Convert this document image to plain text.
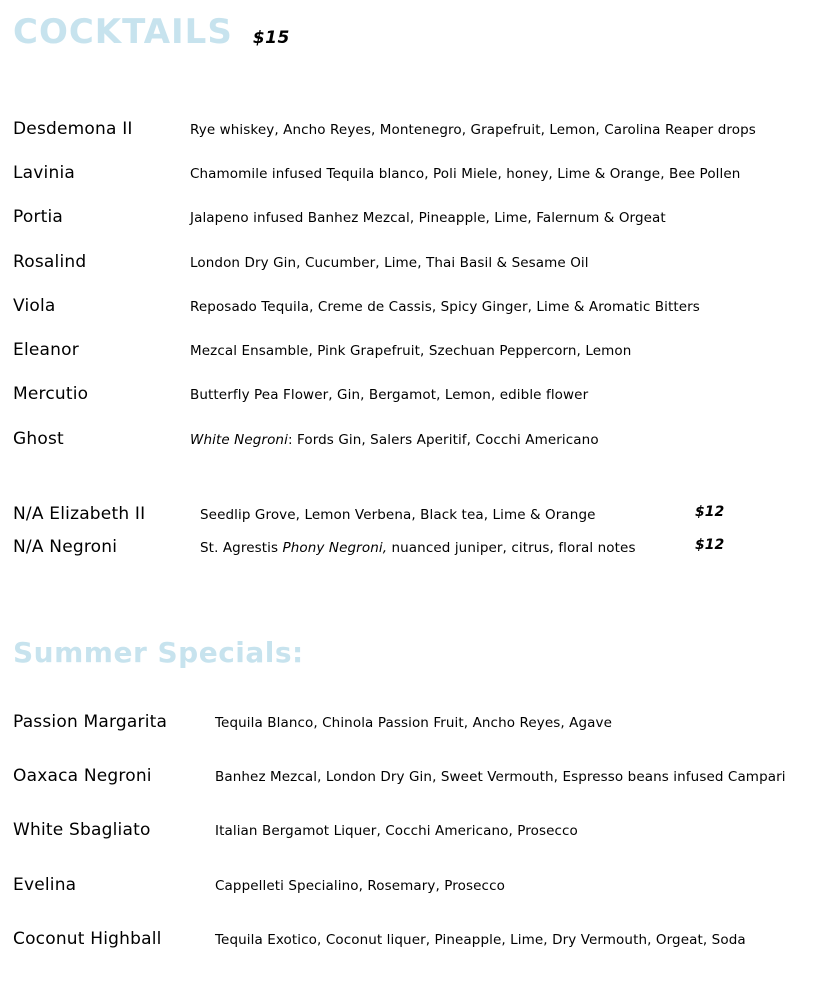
COCKTAILS $15
Desdemona II	Rye whiskey, Ancho Reyes, Montenegro, Grapefruit, Lemon, Carolina Reaper drops
Lavinia	Chamomile infused Tequila blanco, Poli Miele, honey, Lime & Orange, Bee Pollen
Portia	Jalapeno infused Banhez Mezcal, Pineapple, Lime, Falernum & Orgeat
Rosalind	London Dry Gin, Cucumber, Lime, Thai Basil & Sesame Oil
Viola	Reposado Tequila, Creme de Cassis, Spicy Ginger, Lime & Aromatic Bitters
Eleanor	Mezcal Ensamble, Pink Grapefruit, Szechuan Peppercorn, Lemon
Mercutio	Butterfly Pea Flower, Gin, Bergamot, Lemon, edible flower
Ghost	White Negroni: Fords Gin, Salers Aperitif, Cocchi Americano
N/A Elizabeth II	Seedlip Grove, Lemon Verbena, Black tea, Lime & Orange	$12
N/A Negroni	St. Agrestis Phony Negroni, nuanced juniper, citrus, floral notes	$12
Summer Specials:
Passion Margarita	Tequila Blanco, Chinola Passion Fruit, Ancho Reyes, Agave
Oaxaca Negroni	Banhez Mezcal, London Dry Gin, Sweet Vermouth, Espresso beans infused Campari
White Sbagliato	Italian Bergamot Liquer, Cocchi Americano, Prosecco
Evelina	Cappelleti Specialino, Rosemary, Prosecco
Coconut Highball	Tequila Exotico, Coconut liquer, Pineapple, Lime, Dry Vermouth, Orgeat, Soda
